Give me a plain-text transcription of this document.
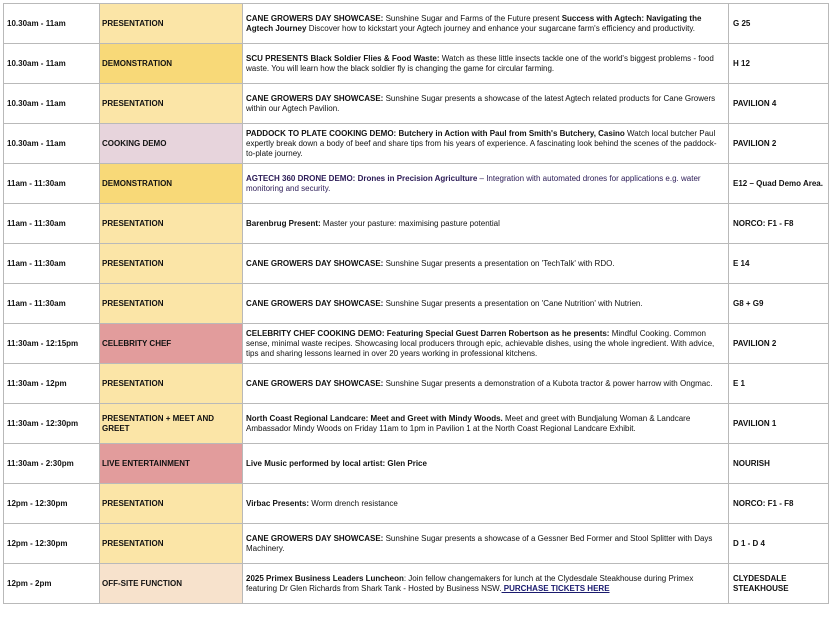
10.30am - 11am	PRESENTATION	CANE GROWERS DAY SHOWCASE: Sunshine Sugar and Farms of the Future present Success with Agtech: Navigating the Agtech Journey Discover how to kickstart your Agtech journey and enhance your sugarcane farm's efficiency and productivity.	G 25
10.30am - 11am	DEMONSTRATION	SCU PRESENTS Black Soldier Flies & Food Waste: Watch as these little insects tackle one of the world's biggest problems - food waste. You will learn how the black soldier fly is changing the game for circular farming.	H 12
10.30am - 11am	PRESENTATION	CANE GROWERS DAY SHOWCASE: Sunshine Sugar presents a showcase of the latest Agtech related products for Cane Growers within our Agtech Pavilion.	PAVILION 4
10.30am - 11am	COOKING DEMO	PADDOCK TO PLATE COOKING DEMO: Butchery in Action with Paul from Smith's Butchery, Casino Watch local butcher Paul expertly break down a body of beef and share tips from his years of experience. A fascinating look behind the scenes of the paddock-to-plate journey.	PAVILION 2
11am - 11:30am	DEMONSTRATION	AGTECH 360 DRONE DEMO: Drones in Precision Agriculture – Integration with automated drones for applications e.g. water monitoring and security.	E12 – Quad Demo Area.
11am - 11:30am	PRESENTATION	Barenbrug Present: Master your pasture: maximising pasture potential	NORCO: F1 - F8
11am - 11:30am	PRESENTATION	CANE GROWERS DAY SHOWCASE: Sunshine Sugar presents a presentation on 'TechTalk' with RDO.	E 14
11am - 11:30am	PRESENTATION	CANE GROWERS DAY SHOWCASE: Sunshine Sugar presents a presentation on 'Cane Nutrition' with Nutrien.	G8 + G9
11:30am - 12:15pm	CELEBRITY CHEF	CELEBRITY CHEF COOKING DEMO: Featuring Special Guest Darren Robertson as he presents: Mindful Cooking. Common sense, minimal waste recipes. Showcasing local producers through epic, achievable dishes, using the whole ingredient. With advice, tips and sharing lessons learned in over 20 years working in professional kitchens.	PAVILION 2
11:30am - 12pm	PRESENTATION	CANE GROWERS DAY SHOWCASE: Sunshine Sugar presents a demonstration of a Kubota tractor & power harrow with Ongmac.	E 1
11:30am - 12:30pm	PRESENTATION + MEET AND GREET	North Coast Regional Landcare: Meet and Greet with Mindy Woods. Meet and greet with Bundjalung Woman & Landcare Ambassador Mindy Woods on Friday 11am to 1pm in Pavilion 1 at the North Coast Regional Landcare Exhibit.	PAVILION 1
11:30am - 2:30pm	LIVE ENTERTAINMENT	Live Music performed by local artist: Glen Price	NOURISH
12pm - 12:30pm	PRESENTATION	Virbac Presents: Worm drench resistance	NORCO: F1 - F8
12pm - 12:30pm	PRESENTATION	CANE GROWERS DAY SHOWCASE: Sunshine Sugar presents a showcase of a Gessner Bed Former and Stool Splitter with Days Machinery.	D 1 - D 4
12pm - 2pm	OFF-SITE FUNCTION	2025 Primex Business Leaders Luncheon: Join fellow changemakers for lunch at the Clydesdale Steakhouse during Primex featuring Dr Glen Richards from Shark Tank - Hosted by Business NSW. PURCHASE TICKETS HERE	CLYDESDALE STEAKHOUSE
